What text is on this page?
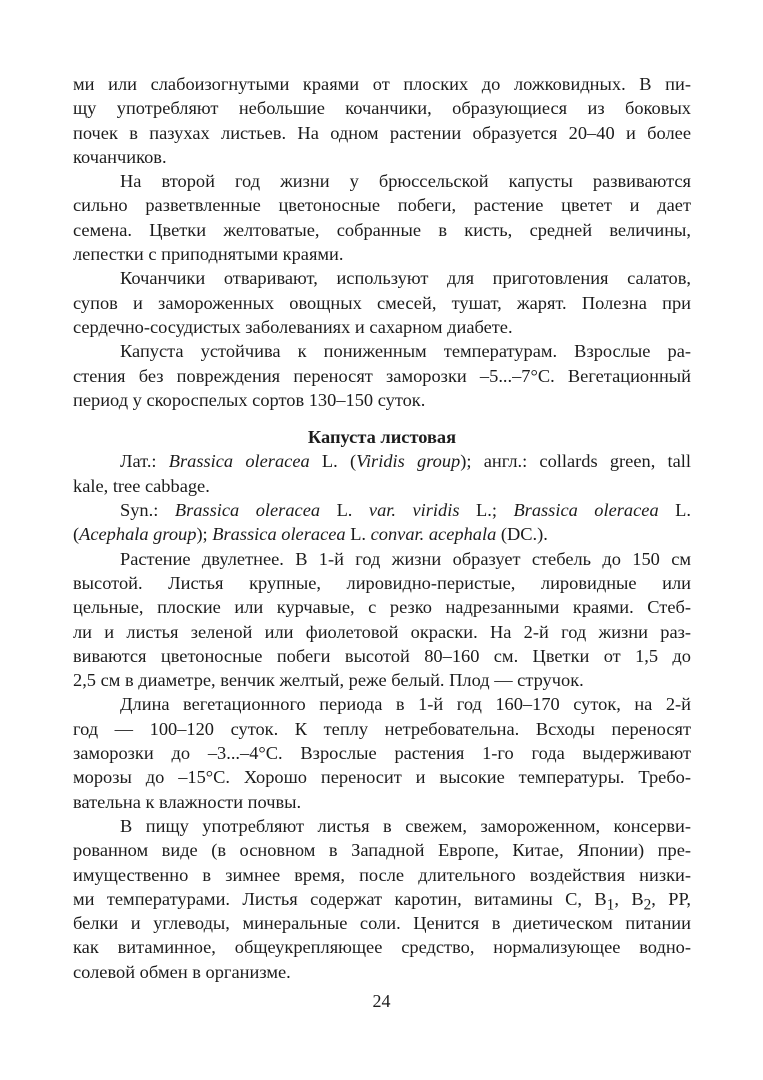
ми или слабоизогнутыми краями от плоских до ложковидных. В пи-
щу употребляют небольшие кочанчики, образующиеся из боковых
почек в пазухах листьев. На одном растении образуется 20–40 и более
кочанчиков.
На второй год жизни у брюссельской капусты развиваются
сильно разветвленные цветоносные побеги, растение цветет и дает
семена. Цветки желтоватые, собранные в кисть, средней величины,
лепестки с приподнятыми краями.
Кочанчики отваривают, используют для приготовления салатов,
супов и замороженных овощных смесей, тушат, жарят. Полезна при
сердечно-сосудистых заболеваниях и сахарном диабете.
Капуста устойчива к пониженным температурам. Взрослые ра-
стения без повреждения переносят заморозки –5...–7°С. Вегетационный
период у скороспелых сортов 130–150 суток.
Капуста листовая
Лат.: Brassica oleracea L. (Viridis group); англ.: collards green, tall
kale, tree cabbage.
Syn.: Brassica oleracea L. var. viridis L.; Brassica oleracea L.
(Acephala group); Brassica oleracea L. convar. acephala (DC.).
Растение двулетнее. В 1-й год жизни образует стебель до 150 см
высотой. Листья крупные, лировидно-перистые, лировидные или
цельные, плоские или курчавые, с резко надрезанными краями. Стеб-
ли и листья зеленой или фиолетовой окраски. На 2-й год жизни раз-
виваются цветоносные побеги высотой 80–160 см. Цветки от 1,5 до
2,5 см в диаметре, венчик желтый, реже белый. Плод — стручок.
Длина вегетационного периода в 1-й год 160–170 суток, на 2-й
год — 100–120 суток. К теплу нетребовательна. Всходы переносят
заморозки до –3...–4°С. Взрослые растения 1-го года выдерживают
морозы до –15°С. Хорошо переносит и высокие температуры. Требо-
вательна к влажности почвы.
В пищу употребляют листья в свежем, замороженном, консерви-
рованном виде (в основном в Западной Европе, Китае, Японии) пре-
имущественно в зимнее время, после длительного воздействия низки-
ми температурами. Листья содержат каротин, витамины С, $В_1$, $В_2$, РР,
белки и углеводы, минеральные соли. Ценится в диетическом питании
как витаминное, общеукрепляющее средство, нормализующее водно-
солевой обмен в организме.
24
